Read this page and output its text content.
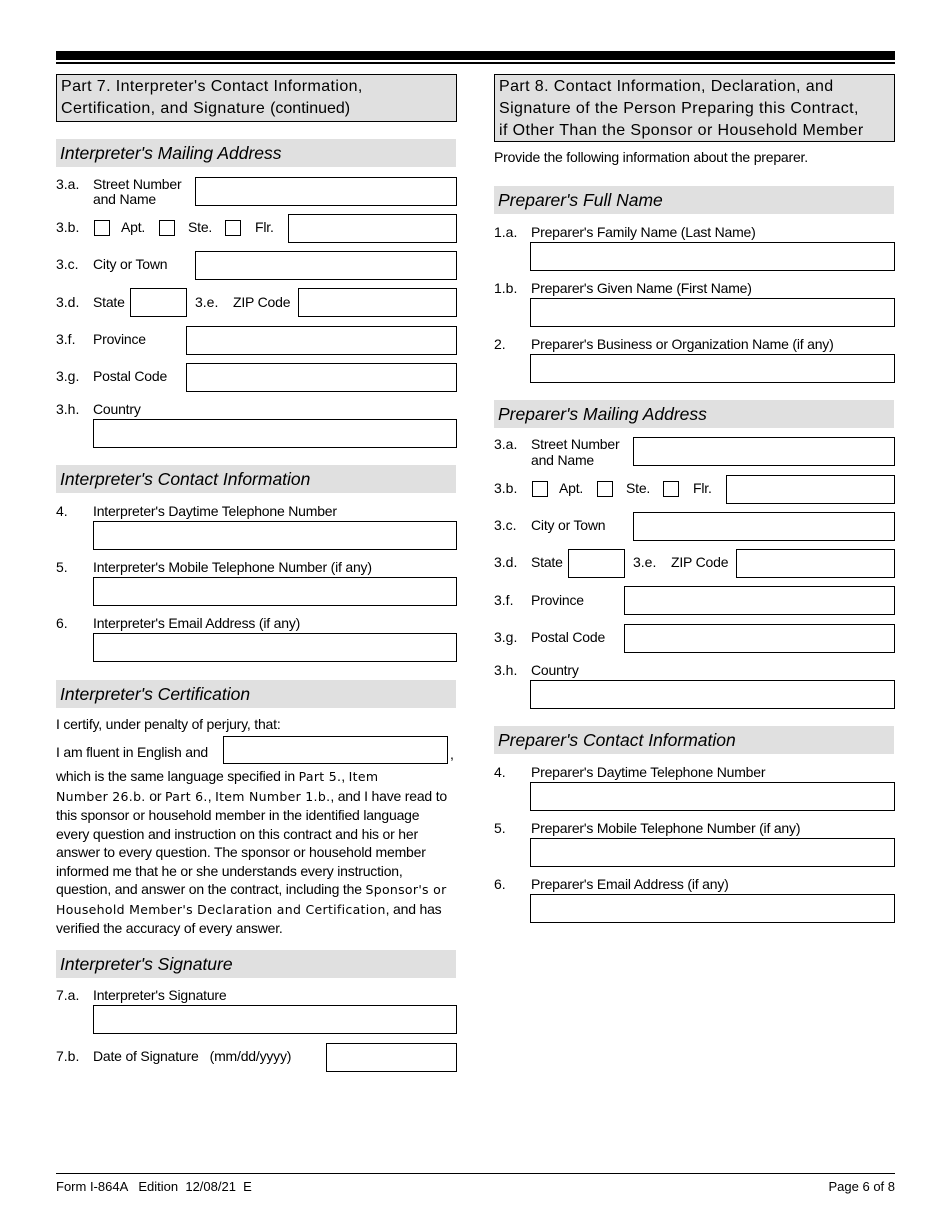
Part 7. Interpreter's Contact Information,
Certification, and Signature (continued)
Interpreter's Mailing Address
3.a. Street Number
and Name
3.b.	Apt.	Ste.	Flr.
3.c. City or Town
3.d. State	3.e. ZIP Code
3.f. Province
3.g. Postal Code
3.h. Country
Interpreter's Contact Information
4. Interpreter's Daytime Telephone Number
5. Interpreter's Mobile Telephone Number (if any)
6. Interpreter's Email Address (if any)
Interpreter's Certification
I certify, under penalty of perjury, that:
I am fluent in English and	,
which is the same language specified in Part 5., Item
Number 26.b. or Part 6., Item Number 1.b., and I have read to this sponsor or household member in the identified language every question and instruction on this contract and his or her answer to every question. The sponsor or household member informed me that he or she understands every instruction, question, and answer on the contract, including the Sponsor's or Household Member's Declaration and Certification, and has verified the accuracy of every answer.
Interpreter's Signature
7.a. Interpreter's Signature
7.b. Date of Signature   (mm/dd/yyyy)
Part 8. Contact Information, Declaration, and
Signature of the Person Preparing this Contract,
if Other Than the Sponsor or Household Member
Provide the following information about the preparer.
Preparer's Full Name
1.a. Preparer's Family Name (Last Name)
1.b. Preparer's Given Name (First Name)
2. Preparer's Business or Organization Name (if any)
Preparer's Mailing Address
3.a. Street Number
and Name
3.b.	Apt.	Ste.	Flr.
3.c. City or Town
3.d. State	3.e. ZIP Code
3.f. Province
3.g. Postal Code
3.h. Country
Preparer's Contact Information
4. Preparer's Daytime Telephone Number
5. Preparer's Mobile Telephone Number (if any)
6. Preparer's Email Address (if any)
Form I-864A   Edition  12/08/21  E	Page 6 of 8
